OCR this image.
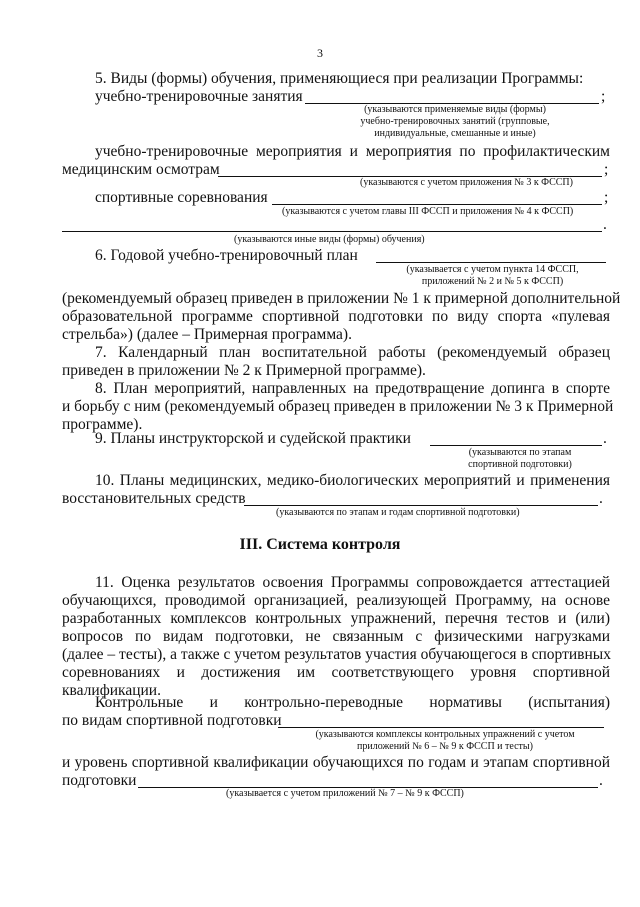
3
5. Виды (формы) обучения, применяющиеся при реализации Программы:
учебно-тренировочные занятия	;
(указываются применяемые виды (формы)
учебно-тренировочных занятий (групповые,
индивидуальные, смешанные и иные)
учебно-тренировочные мероприятия и мероприятия по профилактическим
медицинским осмотрам	;
(указываются с учетом приложения № 3 к ФССП)
спортивные соревнования	;
(указываются с учетом главы III ФССП и приложения № 4 к ФССП)
.
(указываются иные виды (формы) обучения)
6. Годовой учебно-тренировочный план
(указывается с учетом пункта 14 ФССП,
приложений № 2 и № 5 к ФССП)
(рекомендуемый образец приведен в приложении № 1 к примерной дополнительной
образовательной программе спортивной подготовки по виду спорта «пулевая
стрельба») (далее – Примерная программа).
7. Календарный план воспитательной работы (рекомендуемый образец
приведен в приложении № 2 к Примерной программе).
8. План мероприятий, направленных на предотвращение допинга в спорте
и борьбу с ним (рекомендуемый образец приведен в приложении № 3 к Примерной
программе).
9. Планы инструкторской и судейской практики	.
(указываются по этапам
спортивной подготовки)
10. Планы медицинских, медико-биологических мероприятий и применения
восстановительных средств	.
(указываются по этапам и годам спортивной подготовки)
III. Система контроля
11. Оценка результатов освоения Программы сопровождается аттестацией
обучающихся, проводимой организацией, реализующей Программу, на основе
разработанных комплексов контрольных упражнений, перечня тестов и (или)
вопросов по видам подготовки, не связанным с физическими нагрузками
(далее – тесты), а также с учетом результатов участия обучающегося в спортивных
соревнованиях и достижения им соответствующего уровня спортивной
квалификации.
Контрольные и контрольно-переводные нормативы (испытания)
по видам спортивной подготовки
(указываются комплексы контрольных упражнений с учетом
приложений № 6 – № 9 к ФССП и тесты)
и уровень спортивной квалификации обучающихся по годам и этапам спортивной
подготовки	.
(указывается с учетом приложений № 7 – № 9 к ФССП)
